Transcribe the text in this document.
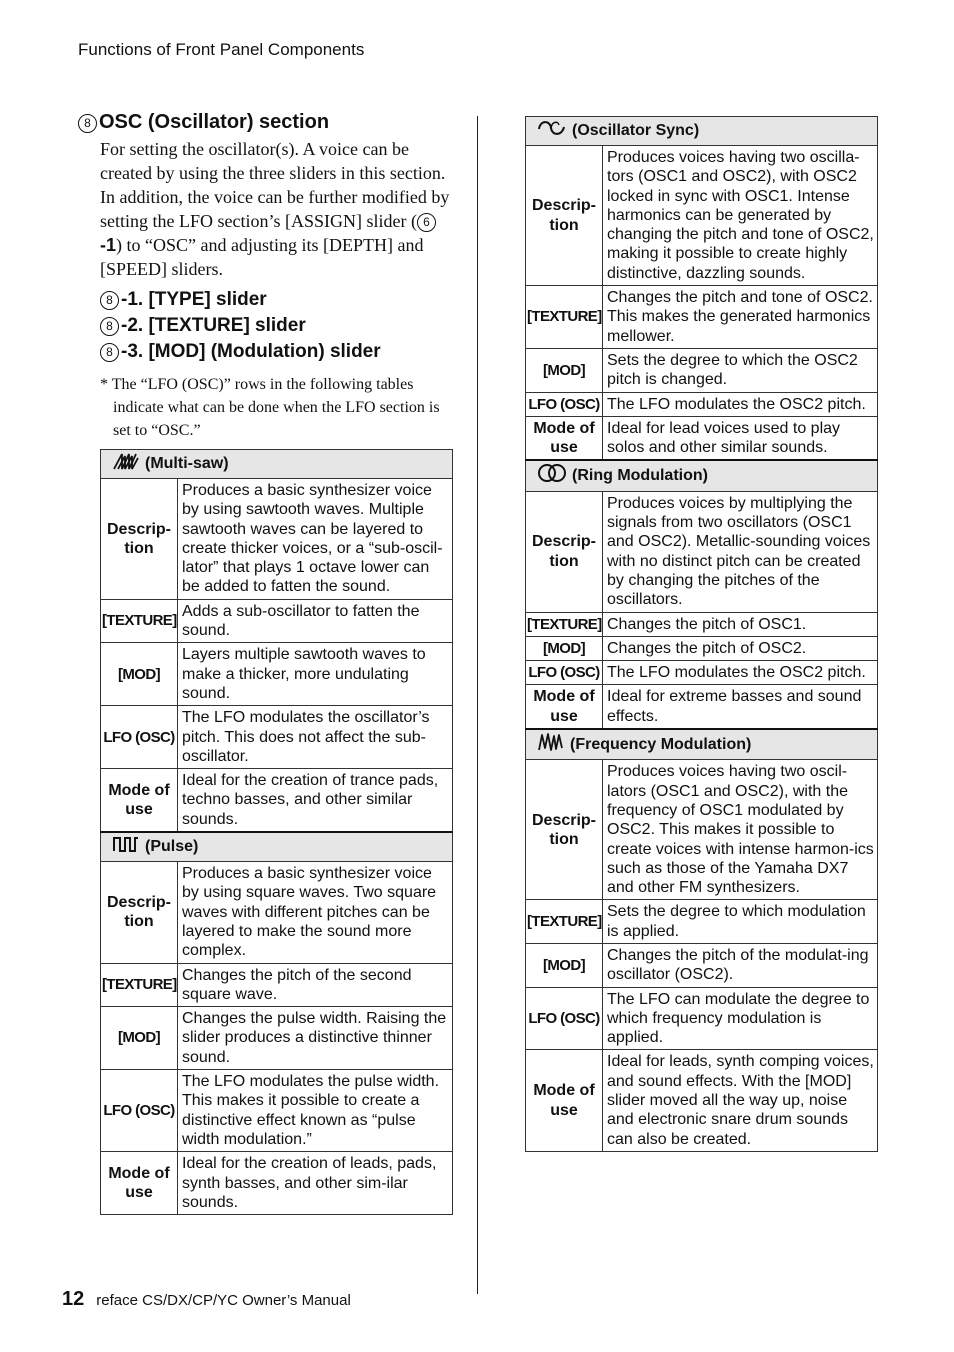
Functions of Front Panel Components
8 OSC (Oscillator) section

For setting the oscillator(s). A voice can be created by using the three sliders in this section. In addition, the voice can be further modified by setting the LFO section’s [ASSIGN] slider ( 6-1) to “OSC” and adjusting its [DEPTH] and [SPEED] sliders.

8 -1. [TYPE] slider
8 -2. [TEXTURE] slider
8 -3. [MOD] (Modulation) slider

* The “LFO (OSC)” rows in the following tables indicate what can be done when the LFO section is set to “OSC.”

(Multi-saw)	
Descrip-
tion	Produces a basic synthesizer voice by using sawtooth waves. Multiple sawtooth waves can be layered to create thicker voices, or a “sub-oscil-lator” that plays 1 octave lower can be added to fatten the sound.
[TEXTURE]	Adds a sub-oscillator to fatten the sound.
[MOD]	Layers multiple sawtooth waves to make a thicker, more undulating sound.
LFO (OSC)	The LFO modulates the oscillator’s pitch. This does not affect the sub-oscillator.
Mode of
use	Ideal for the creation of trance pads, techno basses, and other similar sounds.
(Pulse)	
Descrip-
tion	Produces a basic synthesizer voice by using square waves. Two square waves with different pitches can be layered to make the sound more complex.
[TEXTURE]	Changes the pitch of the second square wave.
[MOD]	Changes the pulse width. Raising the slider produces a distinctive thinner sound.
LFO (OSC)	The LFO modulates the pulse width. This makes it possible to create a distinctive effect known as “pulse width modulation.”
Mode of
use	Ideal for the creation of leads, pads, synth basses, and other sim-ilar sounds.
(Oscillator Sync)	
Descrip-
tion	Produces voices having two oscilla-tors (OSC1 and OSC2), with OSC2 locked in sync with OSC1. Intense harmonics can be generated by changing the pitch and tone of OSC2, making it possible to create highly distinctive, dazzling sounds.
[TEXTURE]	Changes the pitch and tone of OSC2. This makes the generated harmonics mellower.
[MOD]	Sets the degree to which the OSC2 pitch is changed.
LFO (OSC)	The LFO modulates the OSC2 pitch.
Mode of
use	Ideal for lead voices used to play solos and other similar sounds.
(Ring Modulation)	
Descrip-
tion	Produces voices by multiplying the signals from two oscillators (OSC1 and OSC2). Metallic-sounding voices with no distinct pitch can be created by changing the pitches of the oscillators.
[TEXTURE]	Changes the pitch of OSC1.
[MOD]	Changes the pitch of OSC2.
LFO (OSC)	The LFO modulates the OSC2 pitch.
Mode of
use	Ideal for extreme basses and sound effects.
(Frequency Modulation)	
Descrip-
tion	Produces voices having two oscil-lators (OSC1 and OSC2), with the frequency of OSC1 modulated by OSC2. This makes it possible to create voices with intense harmon-ics such as those of the Yamaha DX7 and other FM synthesizers.
[TEXTURE]	Sets the degree to which modulation is applied.
[MOD]	Changes the pitch of the modulat-ing oscillator (OSC2).
LFO (OSC)	The LFO can modulate the degree to which frequency modulation is applied.
Mode of
use	Ideal for leads, synth comping voices, and sound effects. With the [MOD] slider moved all the way up, noise and electronic snare drum sounds can also be created.
12 reface CS/DX/CP/YC Owner’s Manual
